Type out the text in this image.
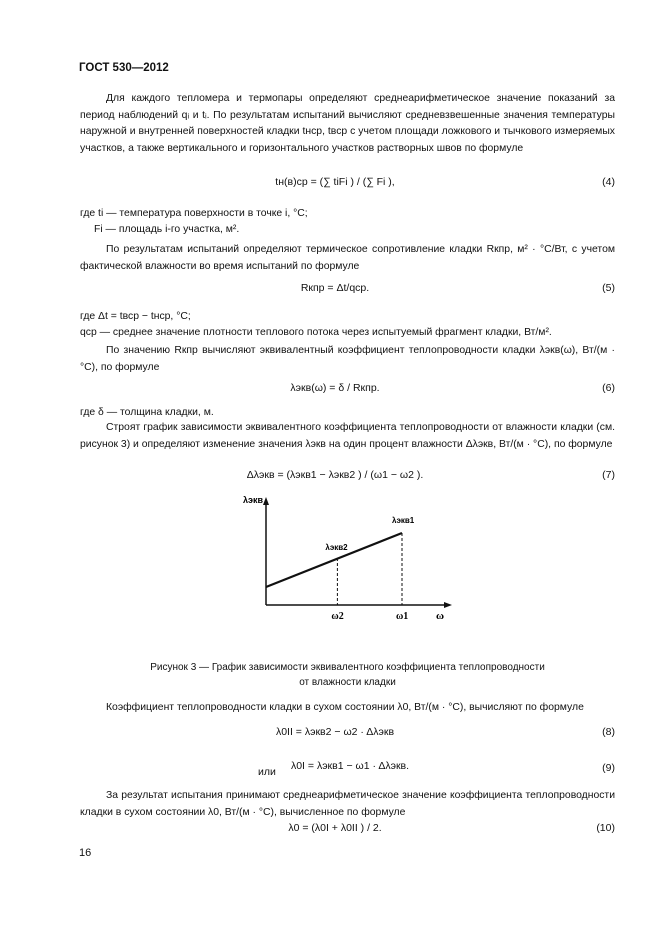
ГОСТ 530—2012
Для каждого тепломера и термопары определяют среднеарифметическое значение показаний за период наблюдений qᵢ и tᵢ. По результатам испытаний вычисляют средневзвешенные значения температуры наружной и внутренней поверхностей кладки tнср, tвср с учетом площади ложкового и тычкового измеряемых участков, а также вертикального и горизонтального участков растворных швов по формуле
tн(в)ср = (∑ tiFi ) / (∑ Fi ),	(4)
где ti — температура поверхности в точке i, °С;
Fi — площадь i-го участка, м².
По результатам испытаний определяют термическое сопротивление кладки Rкпр, м² · °С/Вт, с учетом фактической влажности во время испытаний по формуле
Rкпр = Δt/qср.	(5)
где Δt = tвср − tнср, °С;
qср — среднее значение плотности теплового потока через испытуемый фрагмент кладки, Вт/м².
По значению Rкпр вычисляют эквивалентный коэффициент теплопроводности кладки λэкв(ω), Вт/(м · °С), по формуле
λэкв(ω) = δ / Rкпр.	(6)
где δ — толщина кладки, м.
Строят график зависимости эквивалентного коэффициента теплопроводности от влажности кладки (см. рисунок 3) и определяют изменение значения λэкв на один процент влажности Δλэкв, Вт/(м · °С), по формуле
Δλэкв = (λэкв1 − λэкв2 ) / (ω1 − ω2 ).	(7)
λэкв
ω
λэкв2
λэкв1
ω2	ω1
Рисунок 3 — График зависимости эквивалентного коэффициента теплопроводности
от влажности кладки
Коэффициент теплопроводности кладки в сухом состоянии λ0, Вт/(м · °С), вычисляют по формуле
λ0II = λэкв2 − ω2 · Δλэкв	(8)
или	λ0I = λэкв1 − ω1 · Δλэкв.	(9)
За результат испытания принимают среднеарифметическое значение коэффициента теплопроводности кладки в сухом состоянии λ0, Вт/(м · °С), вычисленное по формуле
λ0 = (λ0I + λ0II ) / 2.	(10)
16
